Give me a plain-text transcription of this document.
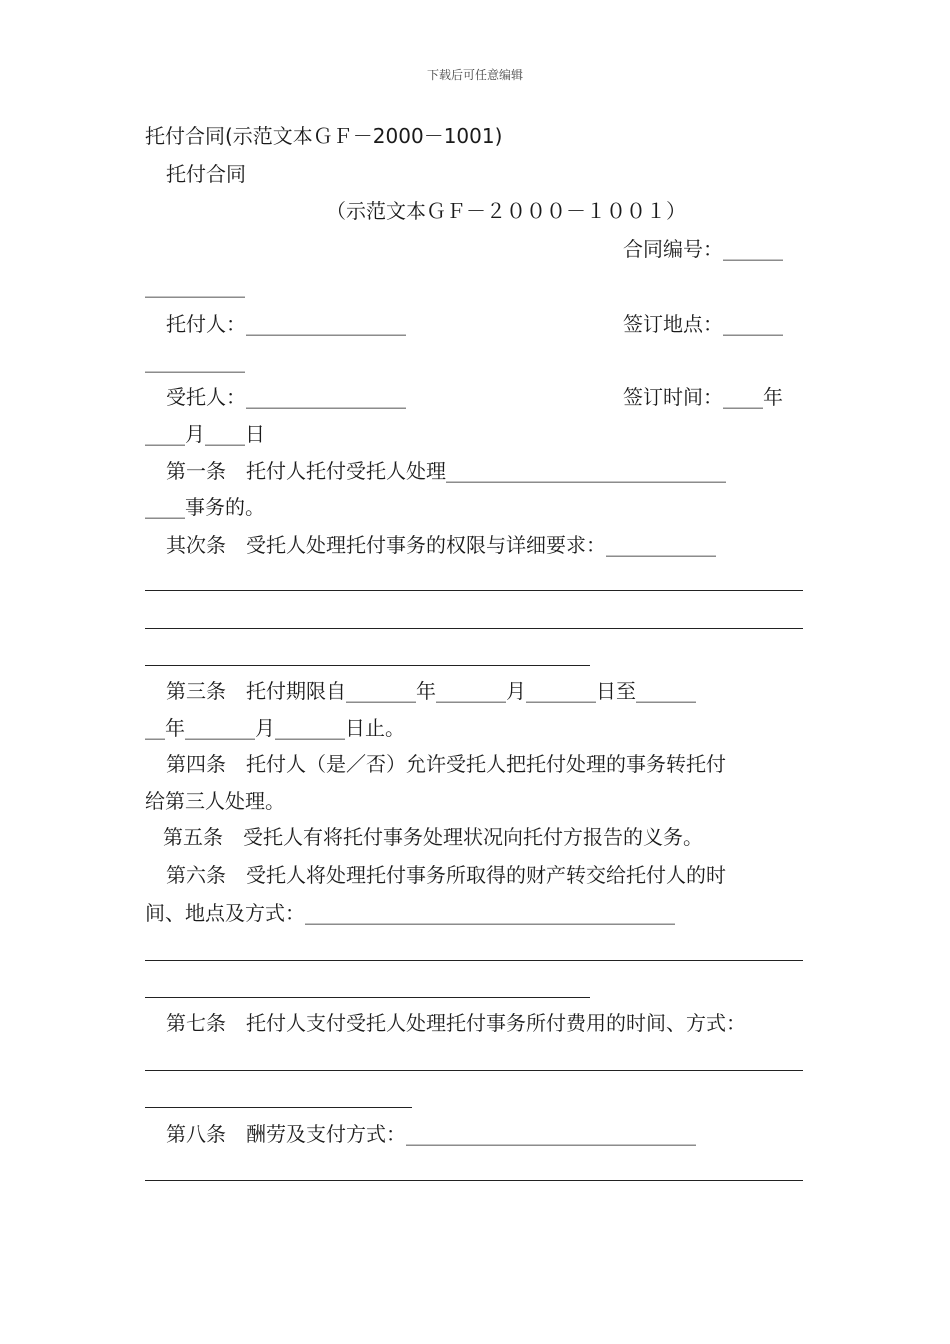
下载后可任意编辑
托付合同(示范文本ＧＦ－2000－1001)
托付合同
（示范文本ＧＦ－２０００－１００１）
合同编号：______
__________
托付人：________________	签订地点：______
__________
受托人：________________	签订时间：____年
____月____日
第一条　托付人托付受托人处理____________________________
____事务的。
其次条　受托人处理托付事务的权限与详细要求：___________
第三条　托付期限自_______年_______月_______日至______
__年_______月_______日止。
第四条　托付人（是／否）允许受托人把托付处理的事务转托付
给第三人处理。
第五条　受托人有将托付事务处理状况向托付方报告的义务。
第六条　受托人将处理托付事务所取得的财产转交给托付人的时
间、地点及方式：_____________________________________
第七条　托付人支付受托人处理托付事务所付费用的时间、方式：
第八条　酬劳及支付方式：_____________________________
